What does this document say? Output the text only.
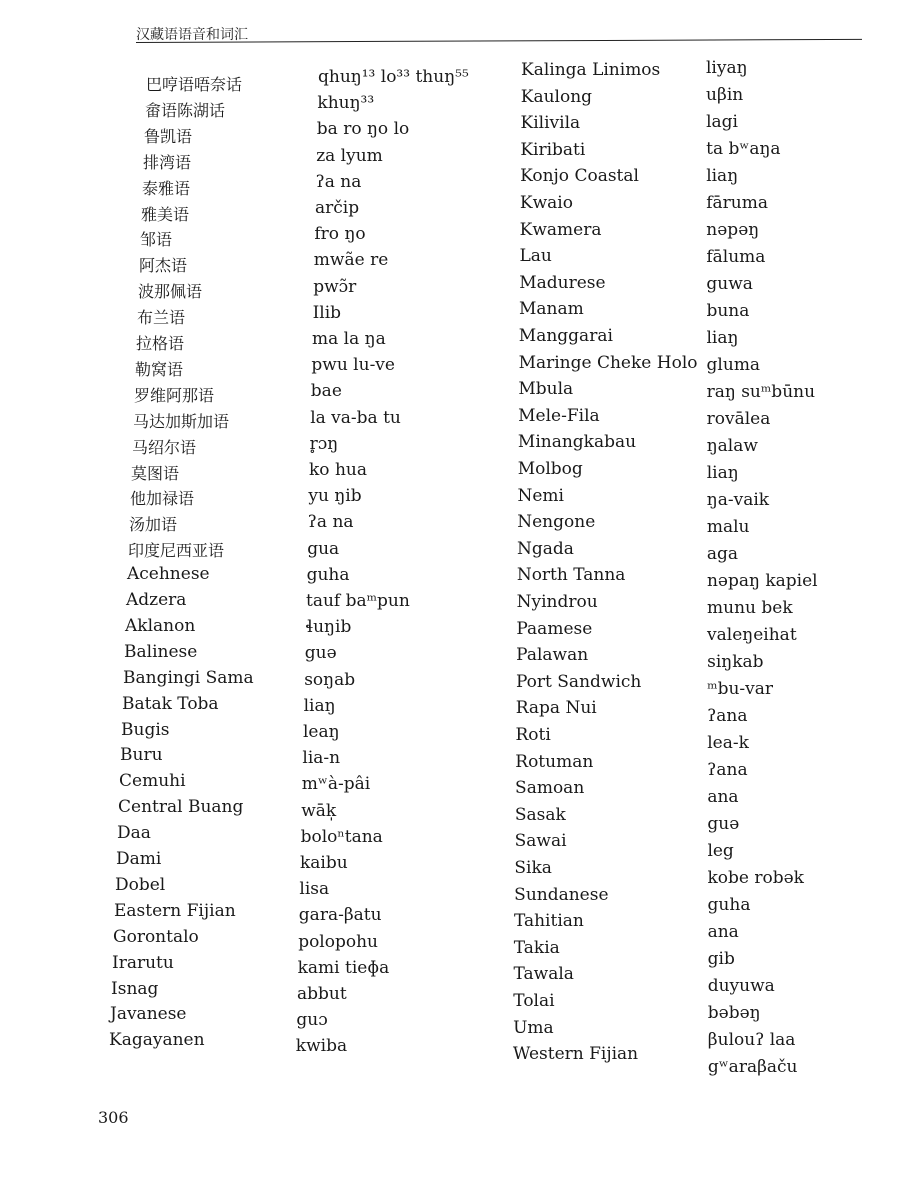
汉藏语语音和词汇
巴哼语唔奈话
畲语陈湖话
鲁凯语
排湾语
泰雅语
雅美语
邹语
阿杰语
波那佩语
布兰语
拉格语
勒窝语
罗维阿那语
马达加斯加语
马绍尔语
莫图语
他加禄语
汤加语
印度尼西亚语
Acehnese
Adzera
Aklanon
Balinese
Bangingi Sama
Batak Toba
Bugis
Buru
Cemuhi
Central Buang
Daa
Dami
Dobel
Eastern Fijian
Gorontalo
Irarutu
Isnag
Javanese
Kagayanen
qhuŋ¹³ lo³³ thuŋ⁵⁵
khuŋ³³
ba ro ŋo lo
za lyum
ʔa na
arčip
fro ŋo
mwãe re
pwɔ̃r
Ilib
ma la ŋa
pwu lu-ve
bae
la va-ba tu
r̥ɔŋ
ko hua
yu ŋib
ʔa na
gua
guha
tauf baᵐpun
ɬuŋib
guə
soŋab
liaŋ
leaŋ
lia-n
mʷà-pâi
wāk̩
boloⁿtana
kaibu
lisa
gara-βatu
polopohu
kami tieɸa
abbut
guɔ
kwiba
Kalinga Linimos
Kaulong
Kilivila
Kiribati
Konjo Coastal
Kwaio
Kwamera
Lau
Madurese
Manam
Manggarai
Maringe Cheke Holo
Mbula
Mele-Fila
Minangkabau
Molbog
Nemi
Nengone
Ngada
North Tanna
Nyindrou
Paamese
Palawan
Port Sandwich
Rapa Nui
Roti
Rotuman
Samoan
Sasak
Sawai
Sika
Sundanese
Tahitian
Takia
Tawala
Tolai
Uma
Western Fijian
liyaŋ
uβin
lagi
ta bʷaŋa
liaŋ
fāruma
nəpəŋ
fāluma
guwa
buna
liaŋ
gluma
raŋ suᵐbūnu
rovālea
ŋalaw
liaŋ
ŋa-vaik
malu
aga
nəpaŋ kapiel
munu bek
valeŋeihat
siŋkab
ᵐbu-var
ʔana
lea-k
ʔana
ana
guə
leg
kobe robək
guha
ana
gib
duyuwa
bəbəŋ
βulouʔ laa
gʷaraβaču
306
